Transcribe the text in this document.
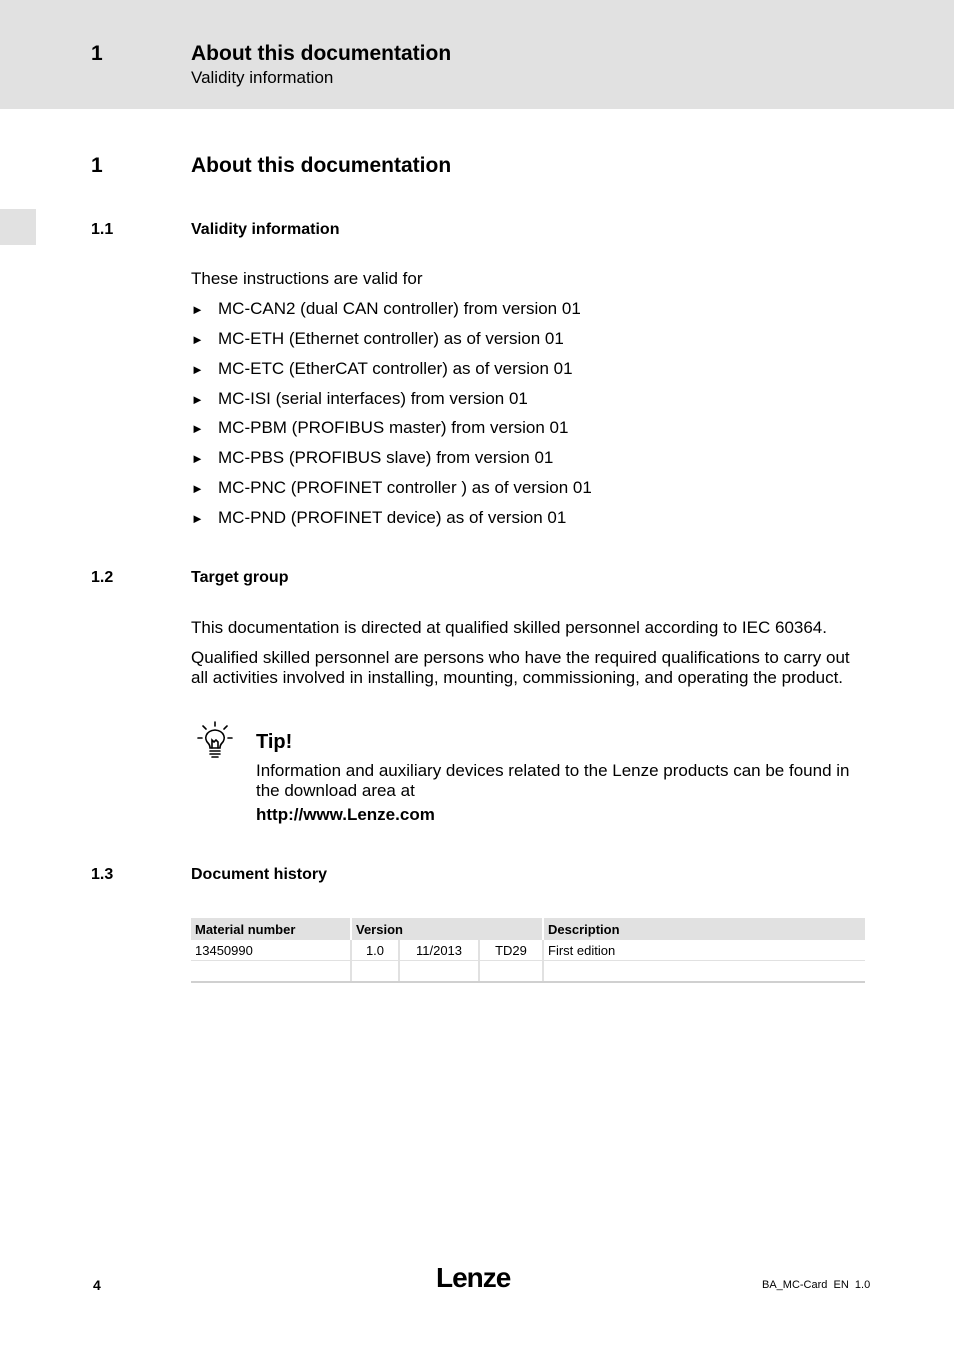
1	About this documentation
Validity information
1	About this documentation
1.1	Validity information
These instructions are valid for
► MC-CAN2 (dual CAN controller) from version 01
► MC-ETH (Ethernet controller) as of version 01
► MC-ETC (EtherCAT controller) as of version 01
► MC-ISI (serial interfaces) from version 01
► MC-PBM (PROFIBUS master) from version 01
► MC-PBS (PROFIBUS slave) from version 01
► MC-PNC (PROFINET controller ) as of version 01
► MC-PND (PROFINET device) as of version 01
1.2	Target group
This documentation is directed at qualified skilled personnel according to IEC 60364.
Qualified skilled personnel are persons who have the required qualifications to carry out all activities involved in installing, mounting, commissioning, and operating the product.
Tip!
Information and auxiliary devices related to the Lenze products can be found in the download area at
http://www.Lenze.com
1.3	Document history
Material number	Version			Description
13450990	1.0	11/2013	TD29	First edition

4	Lenze	BA_MC-Card  EN  1.0
